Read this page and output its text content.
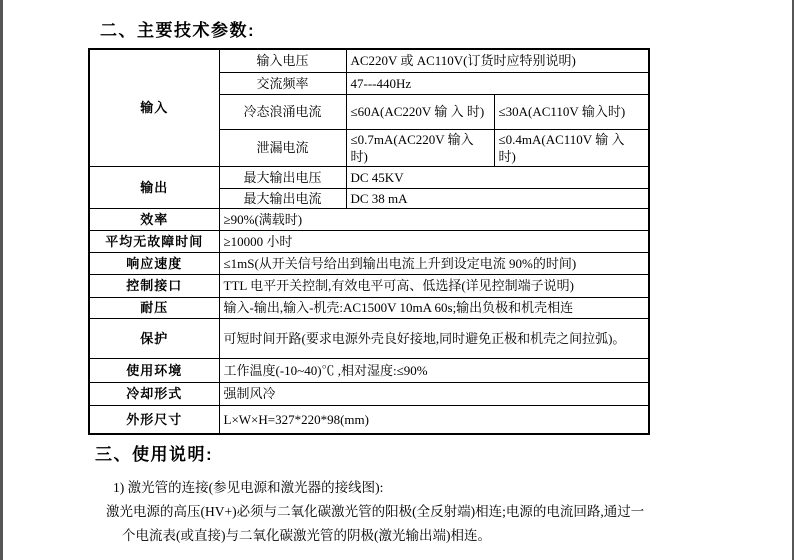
二、主要技术参数:
输入	输入电压	AC220V 或 AC110V(订货时应特别说明)	
	交流频率	47---440Hz	
	冷态浪涌电流	≤60A(AC220V 输 入 时)	≤30A(AC110V 输入时)
	泄漏电流	≤0.7mA(AC220V 输入 时)	≤0.4mA(AC110V 输 入 时)
输出	最大输出电压	DC 45KV	
	最大输出电流	DC 38 mA	
效率	≥90%(满载时)		
平均无故障时间	≥10000 小时		
响应速度	≤1mS(从开关信号给出到输出电流上升到设定电流 90%的时间)		
控制接口	TTL 电平开关控制,有效电平可高、低选择(详见控制端子说明)		
耐压	输入-输出,输入-机壳:AC1500V 10mA 60s;输出负极和机壳相连		
保护	可短时间开路(要求电源外壳良好接地,同时避免正极和机壳之间拉弧)。		
使用环境	工作温度(-10~40)℃ ,相对湿度:≤90%		
冷却形式	强制风冷		
外形尺寸	L×W×H=327*220*98(mm)		
三、使用说明:

1) 激光管的连接(参见电源和激光器的接线图):

激光电源的高压(HV+)必须与二氧化碳激光管的阳极(全反射端)相连;电源的电流回路,通过一

个电流表(或直接)与二氧化碳激光管的阴极(激光输出端)相连。
